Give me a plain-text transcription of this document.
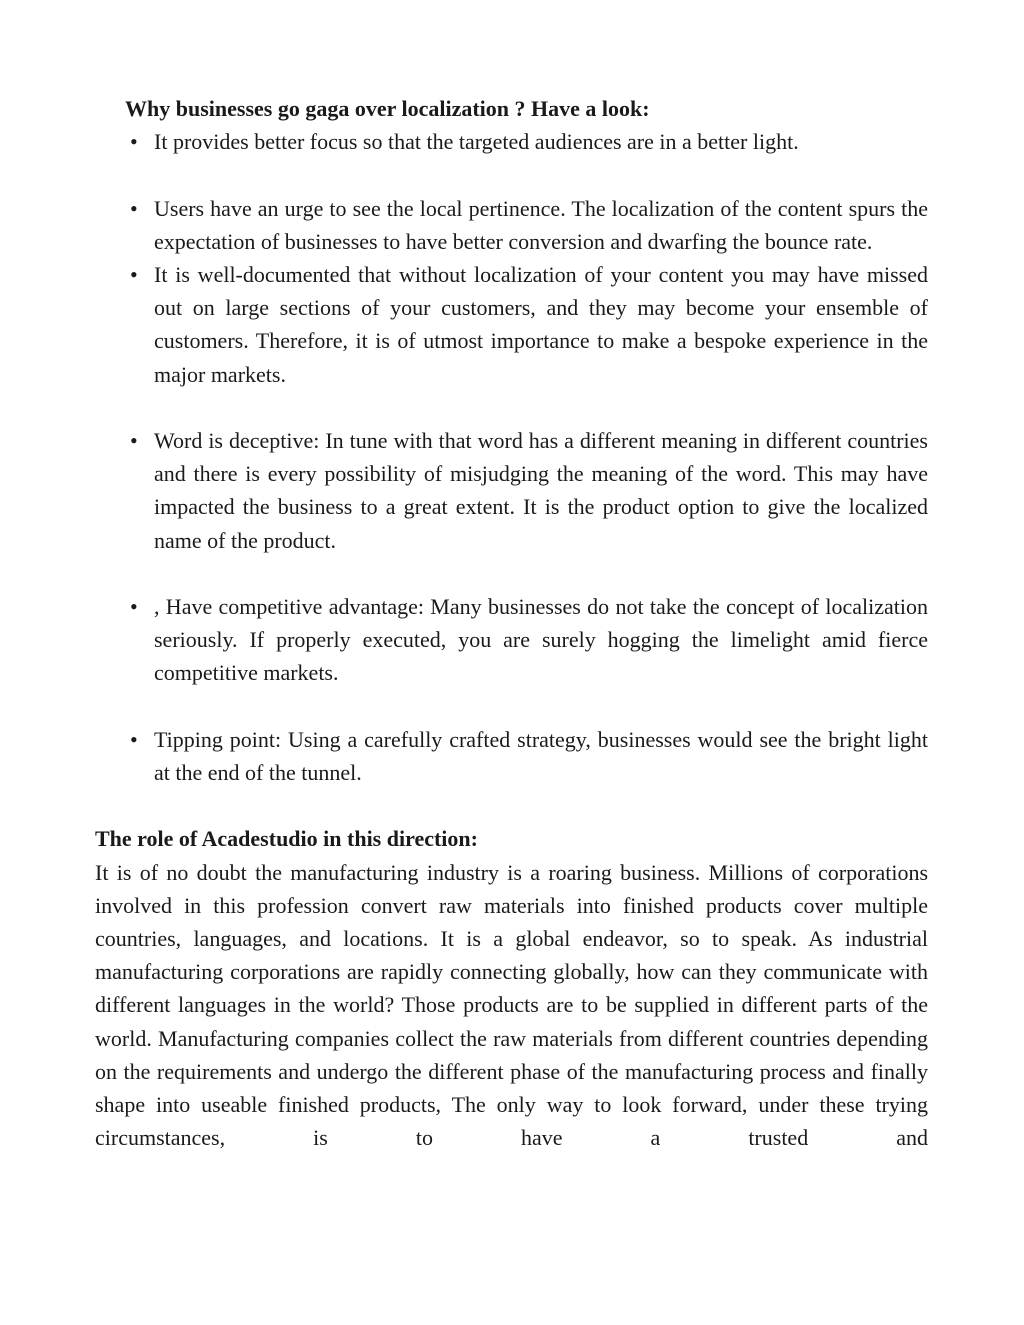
Why businesses go gaga over localization ? Have a look:

• It provides better focus so that the targeted audiences are in a better light.
• Users have an urge to see the local pertinence. The localization of the content spurs the expectation of businesses to have better conversion and dwarfing the bounce rate.
• It is well-documented that without localization of your content you may have missed out on large sections of your customers, and they may become your ensemble of customers. Therefore, it is of utmost importance to make a bespoke experience in the major markets.
• Word is deceptive: In tune with that word has a different meaning in different countries and there is every possibility of misjudging the meaning of the word. This may have impacted the business to a great extent. It is the product option to give the localized name of the product.
• , Have competitive advantage: Many businesses do not take the concept of localization seriously. If properly executed, you are surely hogging the limelight amid fierce competitive markets.
• Tipping point: Using a carefully crafted strategy, businesses would see the bright light at the end of the tunnel.

The role of Acadestudio in this direction:

It is of no doubt the manufacturing industry is a roaring business. Millions of corporations involved in this profession convert raw materials into finished products cover multiple countries, languages, and locations. It is a global endeavor, so to speak. As industrial manufacturing corporations are rapidly connecting globally, how can they communicate with different languages in the world? Those products are to be supplied in different parts of the world. Manufacturing companies collect the raw materials from different countries depending on the requirements and undergo the different phase of the manufacturing process and finally shape into useable finished products, The only way to look forward, under these trying circumstances, is to have a trusted and
